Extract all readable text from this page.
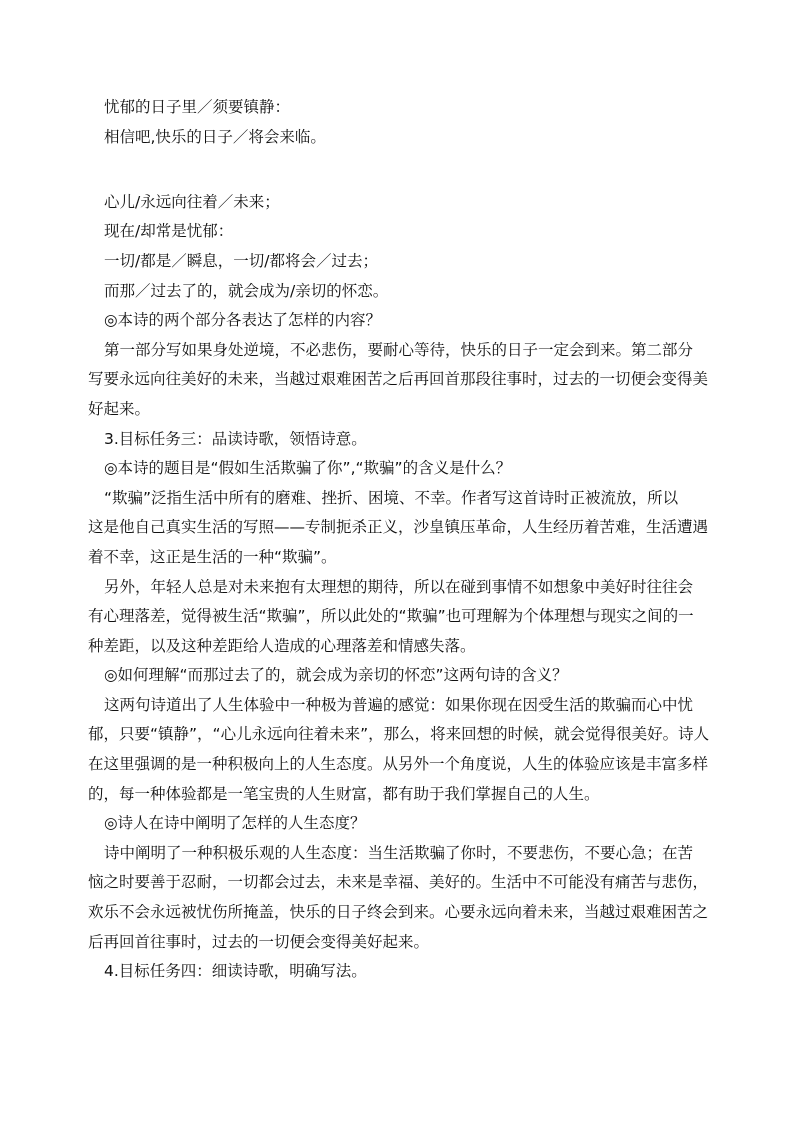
忧郁的日子里／须要镇静：
相信吧,快乐的日子／将会来临。
心儿/永远向往着／未来；
现在/却常是忧郁：
一切/都是／瞬息，一切/都将会／过去；
而那／过去了的，就会成为/亲切的怀恋。
◎本诗的两个部分各表达了怎样的内容？
第一部分写如果身处逆境，不必悲伤，要耐心等待，快乐的日子一定会到来。第二部分
写要永远向往美好的未来，当越过艰难困苦之后再回首那段往事时，过去的一切便会变得美
好起来。
3.目标任务三：品读诗歌，领悟诗意。
◎本诗的题目是“假如生活欺骗了你”,“欺骗”的含义是什么？
“欺骗”泛指生活中所有的磨难、挫折、困境、不幸。作者写这首诗时正被流放，所以
这是他自己真实生活的写照——专制扼杀正义，沙皇镇压革命，人生经历着苦难，生活遭遇
着不幸，这正是生活的一种“欺骗”。
另外，年轻人总是对未来抱有太理想的期待，所以在碰到事情不如想象中美好时往往会
有心理落差，觉得被生活“欺骗”，所以此处的“欺骗”也可理解为个体理想与现实之间的一
种差距，以及这种差距给人造成的心理落差和情感失落。
◎如何理解“而那过去了的，就会成为亲切的怀恋”这两句诗的含义？
这两句诗道出了人生体验中一种极为普遍的感觉：如果你现在因受生活的欺骗而心中忧
郁，只要“镇静”，“心儿永远向往着未来”，那么，将来回想的时候，就会觉得很美好。诗人
在这里强调的是一种积极向上的人生态度。从另外一个角度说，人生的体验应该是丰富多样
的，每一种体验都是一笔宝贵的人生财富，都有助于我们掌握自己的人生。
◎诗人在诗中阐明了怎样的人生态度？
诗中阐明了一种积极乐观的人生态度：当生活欺骗了你时，不要悲伤，不要心急；在苦
恼之时要善于忍耐，一切都会过去，未来是幸福、美好的。生活中不可能没有痛苦与悲伤，
欢乐不会永远被忧伤所掩盖，快乐的日子终会到来。心要永远向着未来，当越过艰难困苦之
后再回首往事时，过去的一切便会变得美好起来。
4.目标任务四：细读诗歌，明确写法。
